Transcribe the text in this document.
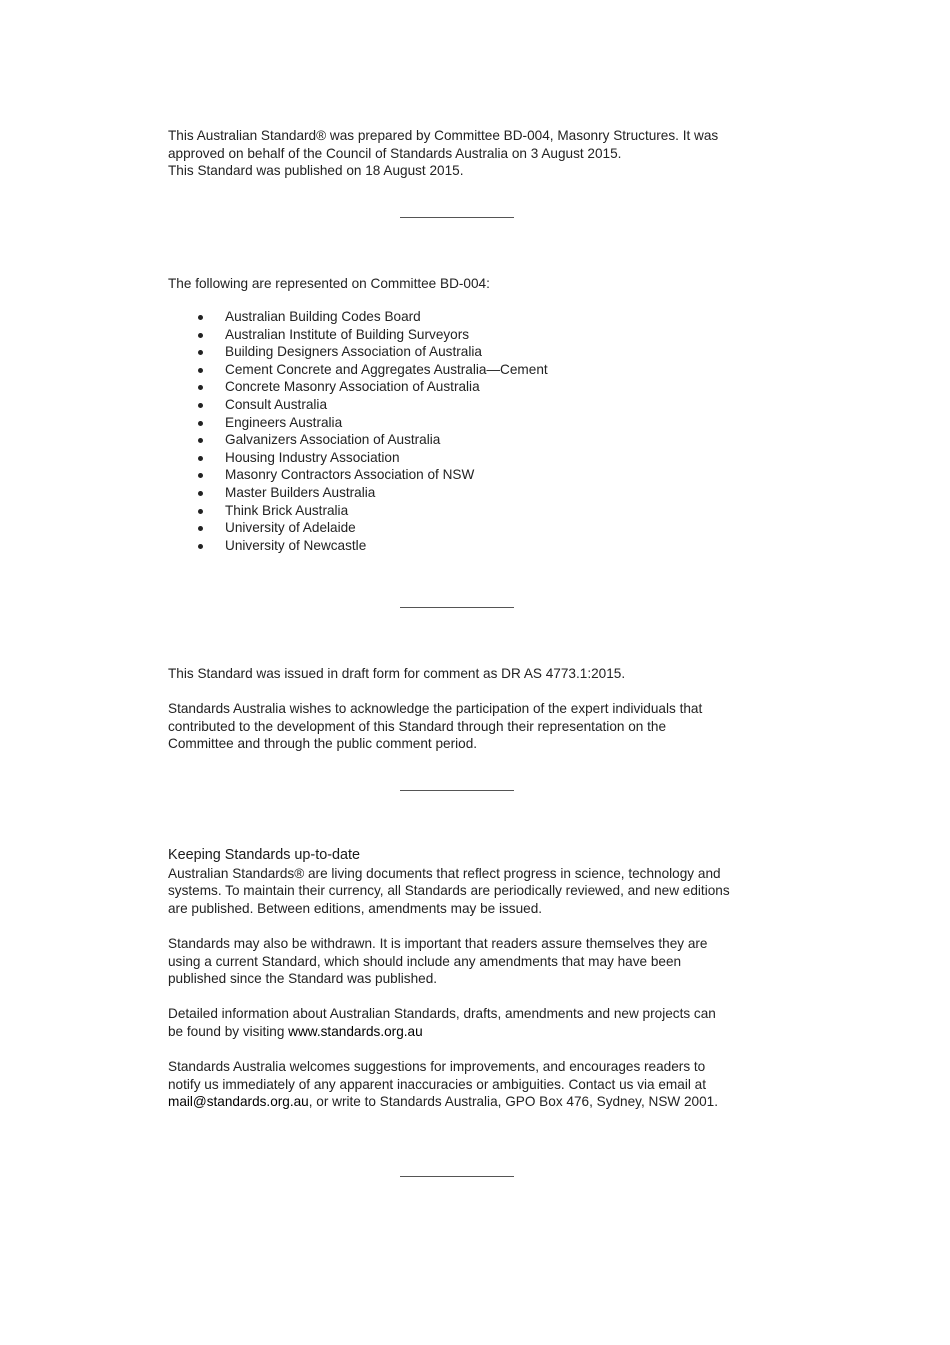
This Australian Standard® was prepared by Committee BD-004, Masonry Structures. It was
approved on behalf of the Council of Standards Australia on 3 August 2015.
This Standard was published on 18 August 2015.
The following are represented on Committee BD-004:
Australian Building Codes Board
Australian Institute of Building Surveyors
Building Designers Association of Australia
Cement Concrete and Aggregates Australia—Cement
Concrete Masonry Association of Australia
Consult Australia
Engineers Australia
Galvanizers Association of Australia
Housing Industry Association
Masonry Contractors Association of NSW
Master Builders Australia
Think Brick Australia
University of Adelaide
University of Newcastle
This Standard was issued in draft form for comment as DR AS 4773.1:2015.
Standards Australia wishes to acknowledge the participation of the expert individuals that
contributed to the development of this Standard through their representation on the
Committee and through the public comment period.
Keeping Standards up-to-date
Australian Standards® are living documents that reflect progress in science, technology and
systems. To maintain their currency, all Standards are periodically reviewed, and new editions
are published. Between editions, amendments may be issued.
Standards may also be withdrawn. It is important that readers assure themselves they are
using a current Standard, which should include any amendments that may have been
published since the Standard was published.
Detailed information about Australian Standards, drafts, amendments and new projects can
be found by visiting www.standards.org.au
Standards Australia welcomes suggestions for improvements, and encourages readers to
notify us immediately of any apparent inaccuracies or ambiguities. Contact us via email at
mail@standards.org.au, or write to Standards Australia, GPO Box 476, Sydney, NSW 2001.
